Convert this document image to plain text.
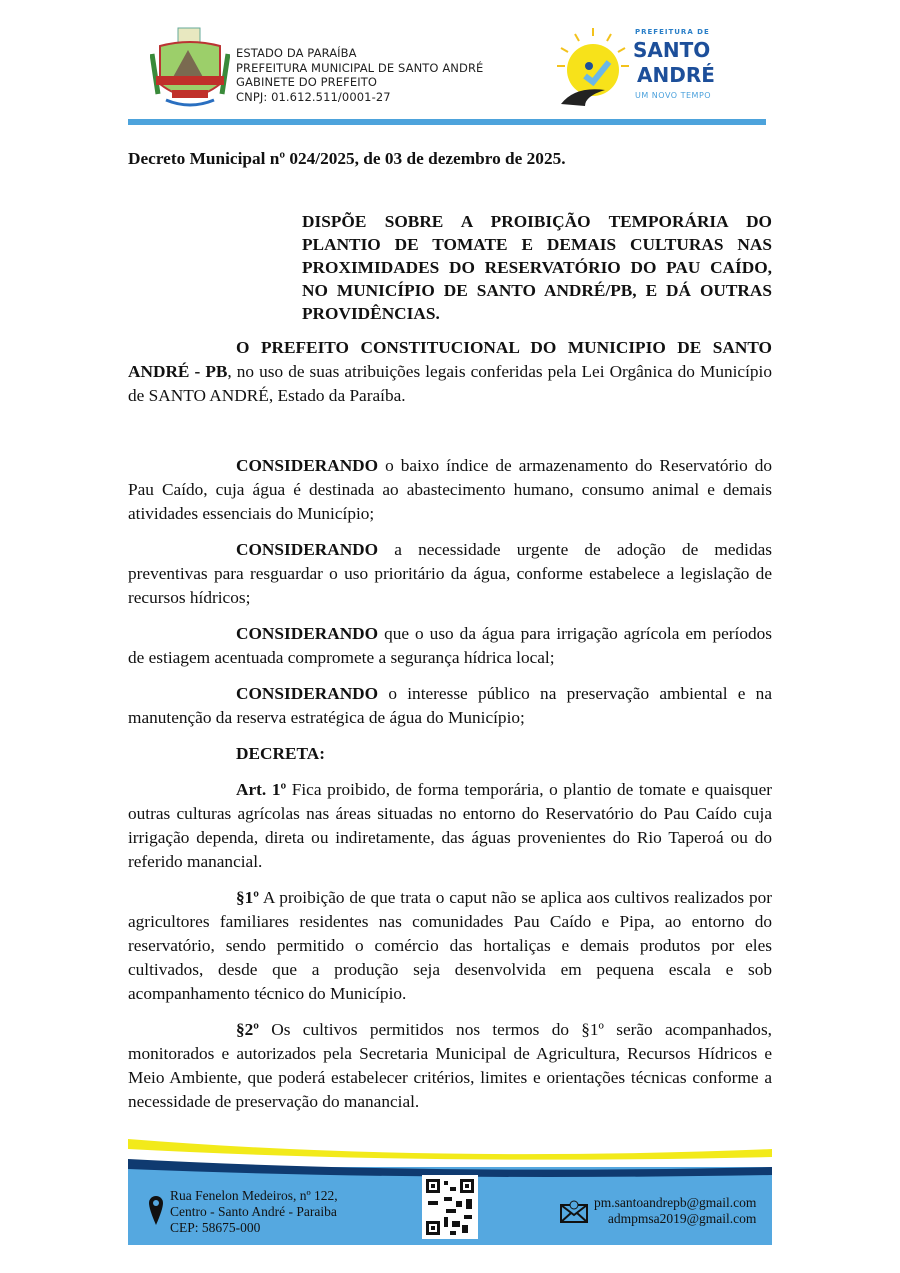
ESTADO DA PARAÍBA
PREFEITURA MUNICIPAL DE SANTO ANDRÉ
GABINETE DO PREFEITO
CNPJ: 01.612.511/0001-27
PREFEITURA DE
SANTO
ANDRÉ
UM NOVO TEMPO
Decreto Municipal nº 024/2025, de 03 de dezembro de 2025.
DISPÕE SOBRE A PROIBIÇÃO TEMPORÁRIA DO PLANTIO DE TOMATE E DEMAIS CULTURAS NAS PROXIMIDADES DO RESERVATÓRIO DO PAU CAÍDO, NO MUNICÍPIO DE SANTO ANDRÉ/PB, E DÁ OUTRAS PROVIDÊNCIAS.

O PREFEITO CONSTITUCIONAL DO MUNICIPIO DE SANTO ANDRÉ - PB, no uso de suas atribuições legais conferidas pela Lei Orgânica do Município de SANTO ANDRÉ, Estado da Paraíba.

CONSIDERANDO o baixo índice de armazenamento do Reservatório do Pau Caído, cuja água é destinada ao abastecimento humano, consumo animal e demais atividades essenciais do Município;

CONSIDERANDO a necessidade urgente de adoção de medidas preventivas para resguardar o uso prioritário da água, conforme estabelece a legislação de recursos hídricos;

CONSIDERANDO que o uso da água para irrigação agrícola em períodos de estiagem acentuada compromete a segurança hídrica local;

CONSIDERANDO o interesse público na preservação ambiental e na manutenção da reserva estratégica de água do Município;

DECRETA:

Art. 1º Fica proibido, de forma temporária, o plantio de tomate e quaisquer outras culturas agrícolas nas áreas situadas no entorno do Reservatório do Pau Caído cuja irrigação dependa, direta ou indiretamente, das águas provenientes do Rio Taperoá ou do referido manancial.

§1º A proibição de que trata o caput não se aplica aos cultivos realizados por agricultores familiares residentes nas comunidades Pau Caído e Pipa, ao entorno do reservatório, sendo permitido o comércio das hortaliças e demais produtos por eles cultivados, desde que a produção seja desenvolvida em pequena escala e sob acompanhamento técnico do Município.

§2º Os cultivos permitidos nos termos do §1º serão acompanhados, monitorados e autorizados pela Secretaria Municipal de Agricultura, Recursos Hídricos e Meio Ambiente, que poderá estabelecer critérios, limites e orientações técnicas conforme a necessidade de preservação do manancial.

Rua Fenelon Medeiros, nº 122,
Centro - Santo André - Paraiba
CEP: 58675-000
pm.santoandrepb@gmail.com
admpmsa2019@gmail.com
